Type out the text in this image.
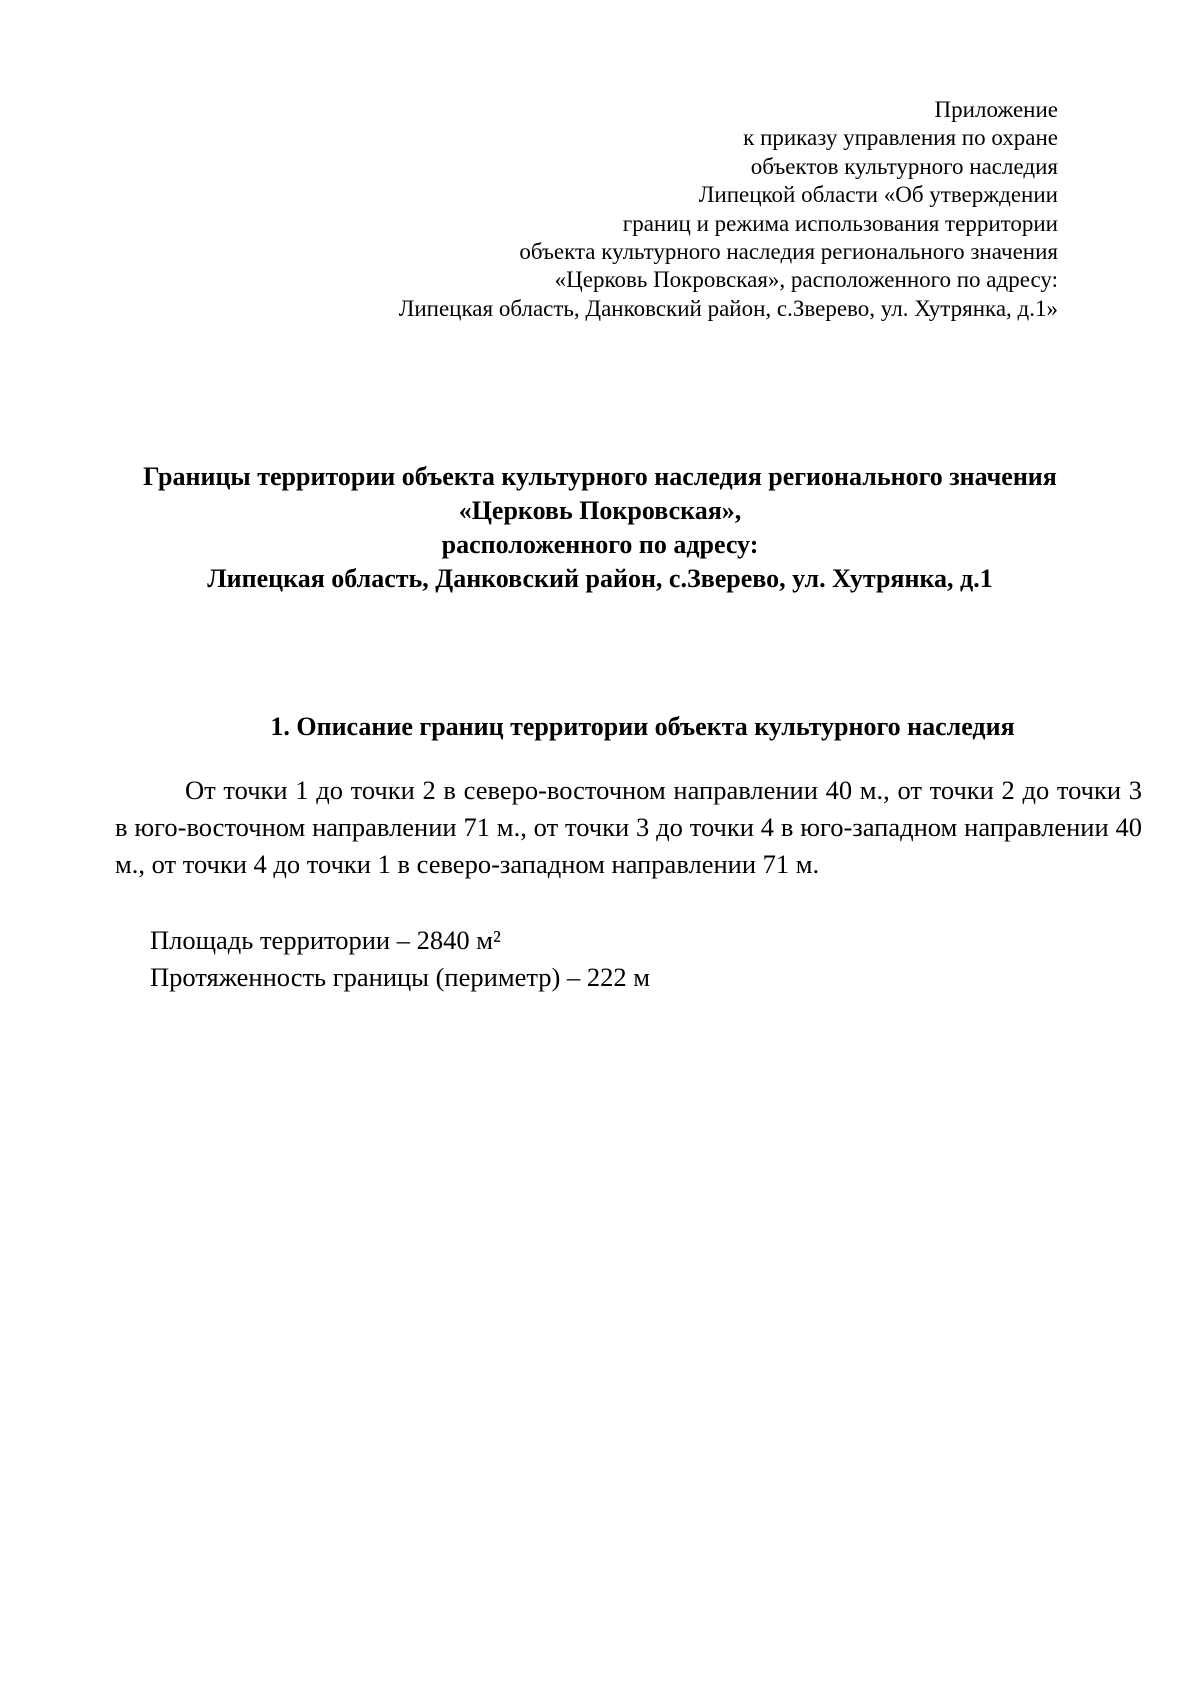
Приложение
к приказу управления по охране
объектов культурного наследия
Липецкой области «Об утверждении
границ и режима использования территории
объекта культурного наследия регионального значения
«Церковь Покровская», расположенного по адресу:
Липецкая область, Данковский район, с.Зверево, ул. Хутрянка, д.1»
Границы территории объекта культурного наследия регионального значения
«Церковь Покровская»,
расположенного по адресу:
Липецкая область, Данковский район, с.Зверево, ул. Хутрянка, д.1
1. Описание границ территории объекта культурного наследия

От точки 1 до точки 2 в северо-восточном направлении 40 м., от точки 2 до точки 3 в юго-восточном направлении 71 м., от точки 3 до точки 4 в юго-западном направлении 40 м., от точки 4 до точки 1 в северо-западном направлении 71 м.

Площадь территории – 2840 м²
Протяженность границы (периметр) – 222 м
